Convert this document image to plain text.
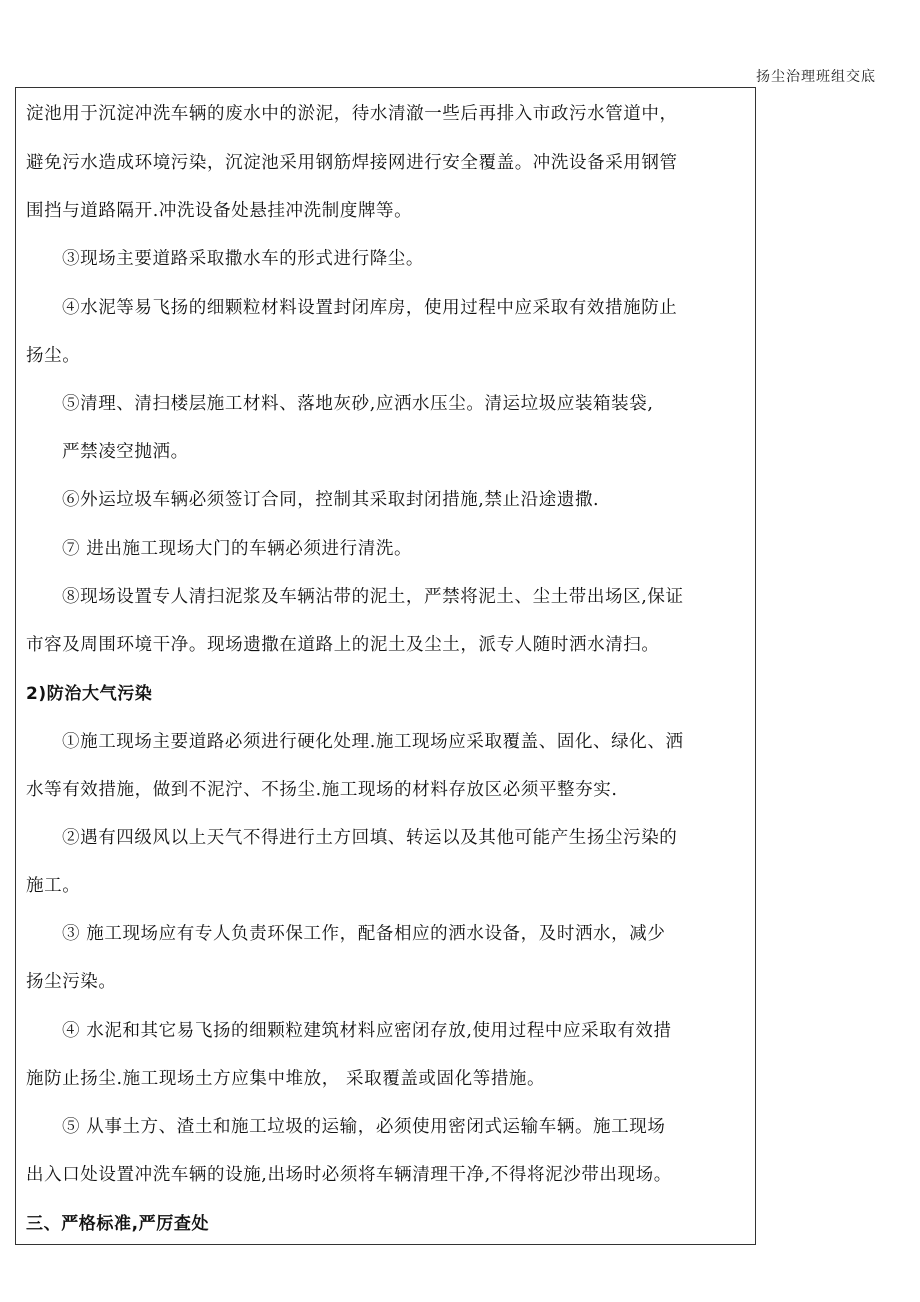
扬尘治理班组交底
淀池用于沉淀冲洗车辆的废水中的淤泥，待水清澈一些后再排入市政污水管道中，
避免污水造成环境污染，沉淀池采用钢筋焊接网进行安全覆盖。冲洗设备采用钢管
围挡与道路隔开.冲洗设备处悬挂冲洗制度牌等。
③现场主要道路采取撒水车的形式进行降尘。
④水泥等易飞扬的细颗粒材料设置封闭库房，使用过程中应采取有效措施防止
扬尘。
⑤清理、清扫楼层施工材料、落地灰砂,应洒水压尘。清运垃圾应装箱装袋,
严禁凌空抛洒。
⑥外运垃圾车辆必须签订合同，控制其采取封闭措施,禁止沿途遗撒.
⑦ 进出施工现场大门的车辆必须进行清洗。
⑧现场设置专人清扫泥浆及车辆沾带的泥土，严禁将泥土、尘土带出场区,保证
市容及周围环境干净。现场遗撒在道路上的泥土及尘土，派专人随时洒水清扫。
2)防治大气污染
①施工现场主要道路必须进行硬化处理.施工现场应采取覆盖、固化、绿化、洒
水等有效措施，做到不泥泞、不扬尘.施工现场的材料存放区必须平整夯实.
②遇有四级风以上天气不得进行土方回填、转运以及其他可能产生扬尘污染的
施工。
③ 施工现场应有专人负责环保工作，配备相应的洒水设备，及时洒水，减少
扬尘污染。
④ 水泥和其它易飞扬的细颗粒建筑材料应密闭存放,使用过程中应采取有效措
施防止扬尘.施工现场土方应集中堆放， 采取覆盖或固化等措施。
⑤ 从事土方、渣土和施工垃圾的运输，必须使用密闭式运输车辆。施工现场
出入口处设置冲洗车辆的设施,出场时必须将车辆清理干净,不得将泥沙带出现场。
三、严格标准,严厉查处
